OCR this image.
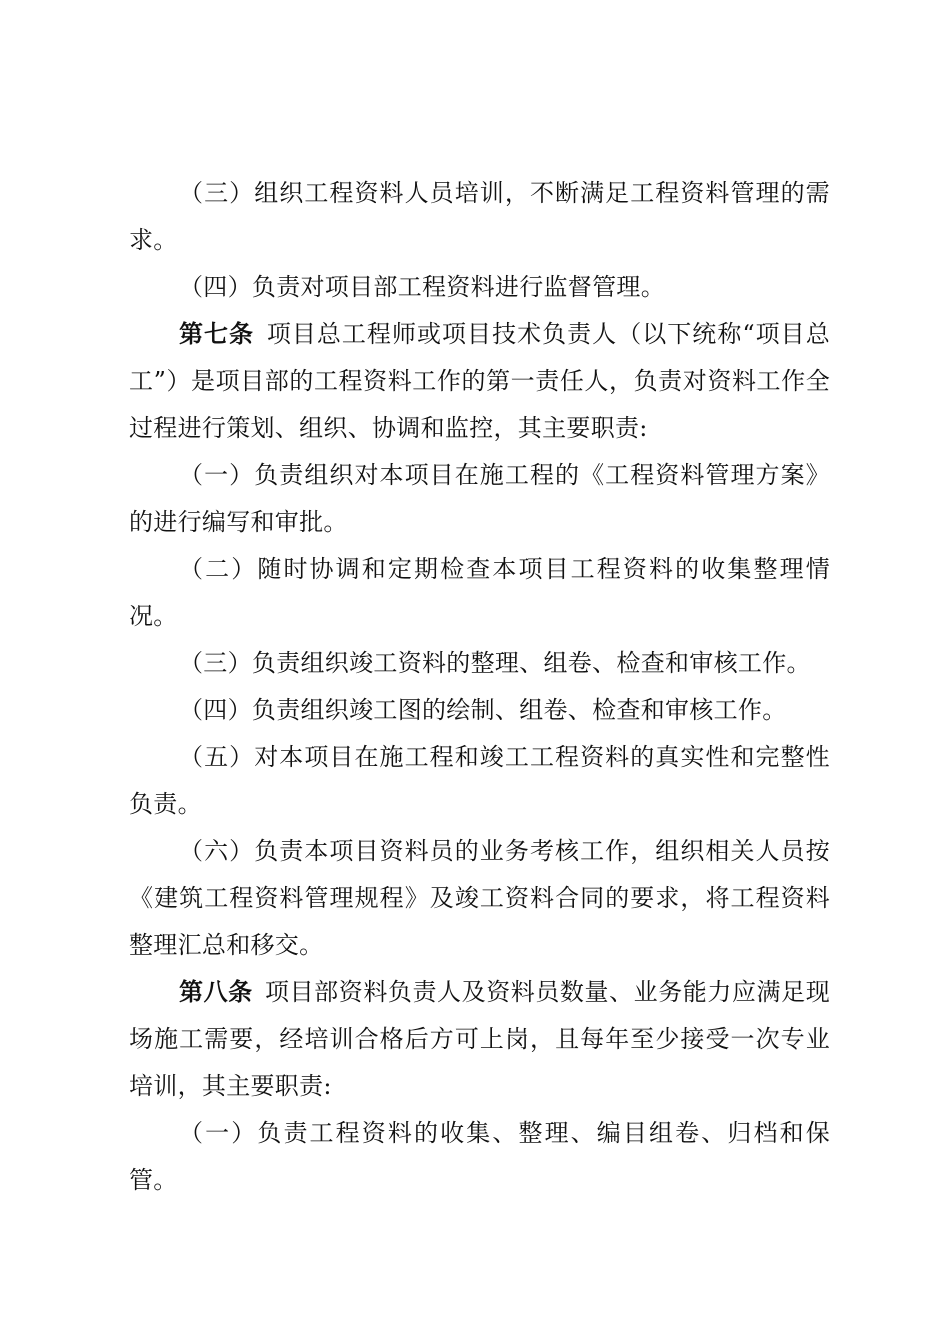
（三）组织工程资料人员培训，不断满足工程资料管理的需求。

（四）负责对项目部工程资料进行监督管理。

第七条 项目总工程师或项目技术负责人（以下统称“项目总工”）是项目部的工程资料工作的第一责任人，负责对资料工作全过程进行策划、组织、协调和监控，其主要职责:

（一）负责组织对本项目在施工程的《工程资料管理方案》的进行编写和审批。

（二）随时协调和定期检查本项目工程资料的收集整理情况。

（三）负责组织竣工资料的整理、组卷、检查和审核工作。

（四）负责组织竣工图的绘制、组卷、检查和审核工作。

（五）对本项目在施工程和竣工工程资料的真实性和完整性负责。

（六）负责本项目资料员的业务考核工作，组织相关人员按《建筑工程资料管理规程》及竣工资料合同的要求，将工程资料整理汇总和移交。

第八条 项目部资料负责人及资料员数量、业务能力应满足现场施工需要，经培训合格后方可上岗，且每年至少接受一次专业培训，其主要职责:

（一）负责工程资料的收集、整理、编目组卷、归档和保管。
